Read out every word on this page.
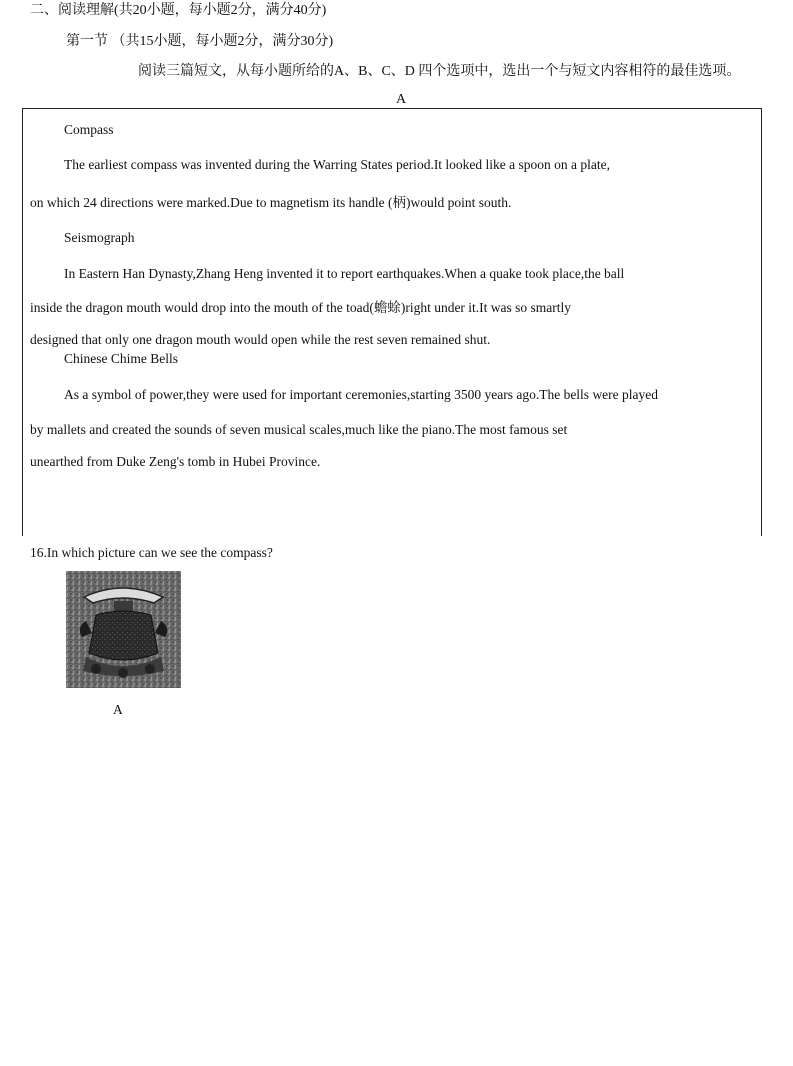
二、阅读理解(共20小题，每小题2分，满分40分)
第一节 （共15小题，每小题2分，满分30分)
阅读三篇短文，从每小题所给的A、B、C、D 四个选项中，选出一个与短文内容相符的最佳选项。
A
Compass
The earliest compass was invented during the Warring States period.It looked like a spoon on a plate,
on which 24 directions were marked.Due to magnetism its handle (柄)would point south.
Seismograph
In Eastern Han Dynasty,Zhang Heng invented it to report earthquakes.When a quake took place,the ball
inside the dragon mouth would drop into the mouth of the toad(蟾蜍)right under it.It was so smartly
designed that only one dragon mouth would open while the rest seven remained shut.
Chinese Chime Bells
As a symbol of power,they were used for important ceremonies,starting 3500 years ago.The bells were played
by mallets and created the sounds of seven musical scales,much like the piano.The most famous set
unearthed from Duke Zeng's tomb in Hubei Province.
16.In which picture can we see the compass?
A
